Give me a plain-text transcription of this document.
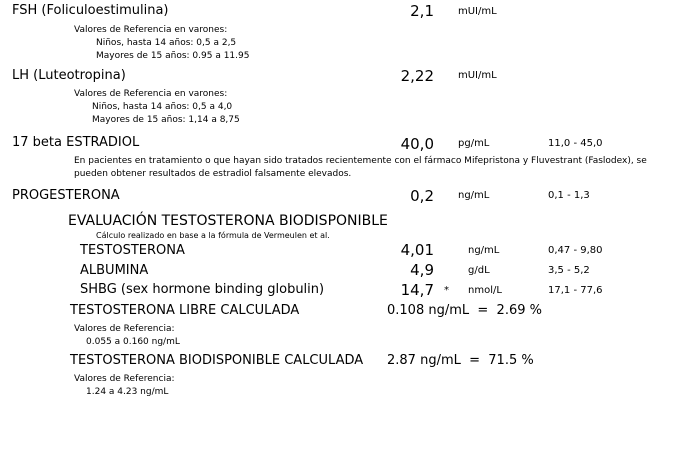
FSH (Foliculoestimulina)	2,1 mUI/mL
Valores de Referencia en varones:
Niños, hasta 14 años: 0,5 a 2,5
Mayores de 15 años: 0.95 a 11.95
LH (Luteotropina)	2,22 mUI/mL
Valores de Referencia en varones:
Niños, hasta 14 años: 0,5 a 4,0
Mayores de 15 años: 1,14 a 8,75
17 beta ESTRADIOL	40,0 pg/mL	11,0 - 45,0
En pacientes en tratamiento o que hayan sido tratados recientemente con el fármaco Mifepristona y Fluvestrant (Faslodex), se
pueden obtener resultados de estradiol falsamente elevados.
PROGESTERONA	0,2 ng/mL	0,1 - 1,3
EVALUACIÓN TESTOSTERONA BIODISPONIBLE
Cálculo realizado en base a la fórmula de Vermeulen et al.
TESTOSTERONA	4,01	ng/mL	0,47 - 9,80
ALBUMINA	4,9	g/dL	3,5 - 5,2
SHBG (sex hormone binding globulin)	14,7 * nmol/L	17,1 - 77,6
TESTOSTERONA LIBRE CALCULADA	0.108 ng/mL  =  2.69 %
Valores de Referencia:
0.055 a 0.160 ng/mL
TESTOSTERONA BIODISPONIBLE CALCULADA 2.87 ng/mL  =  71.5 %
Valores de Referencia:
1.24 a 4.23 ng/mL
